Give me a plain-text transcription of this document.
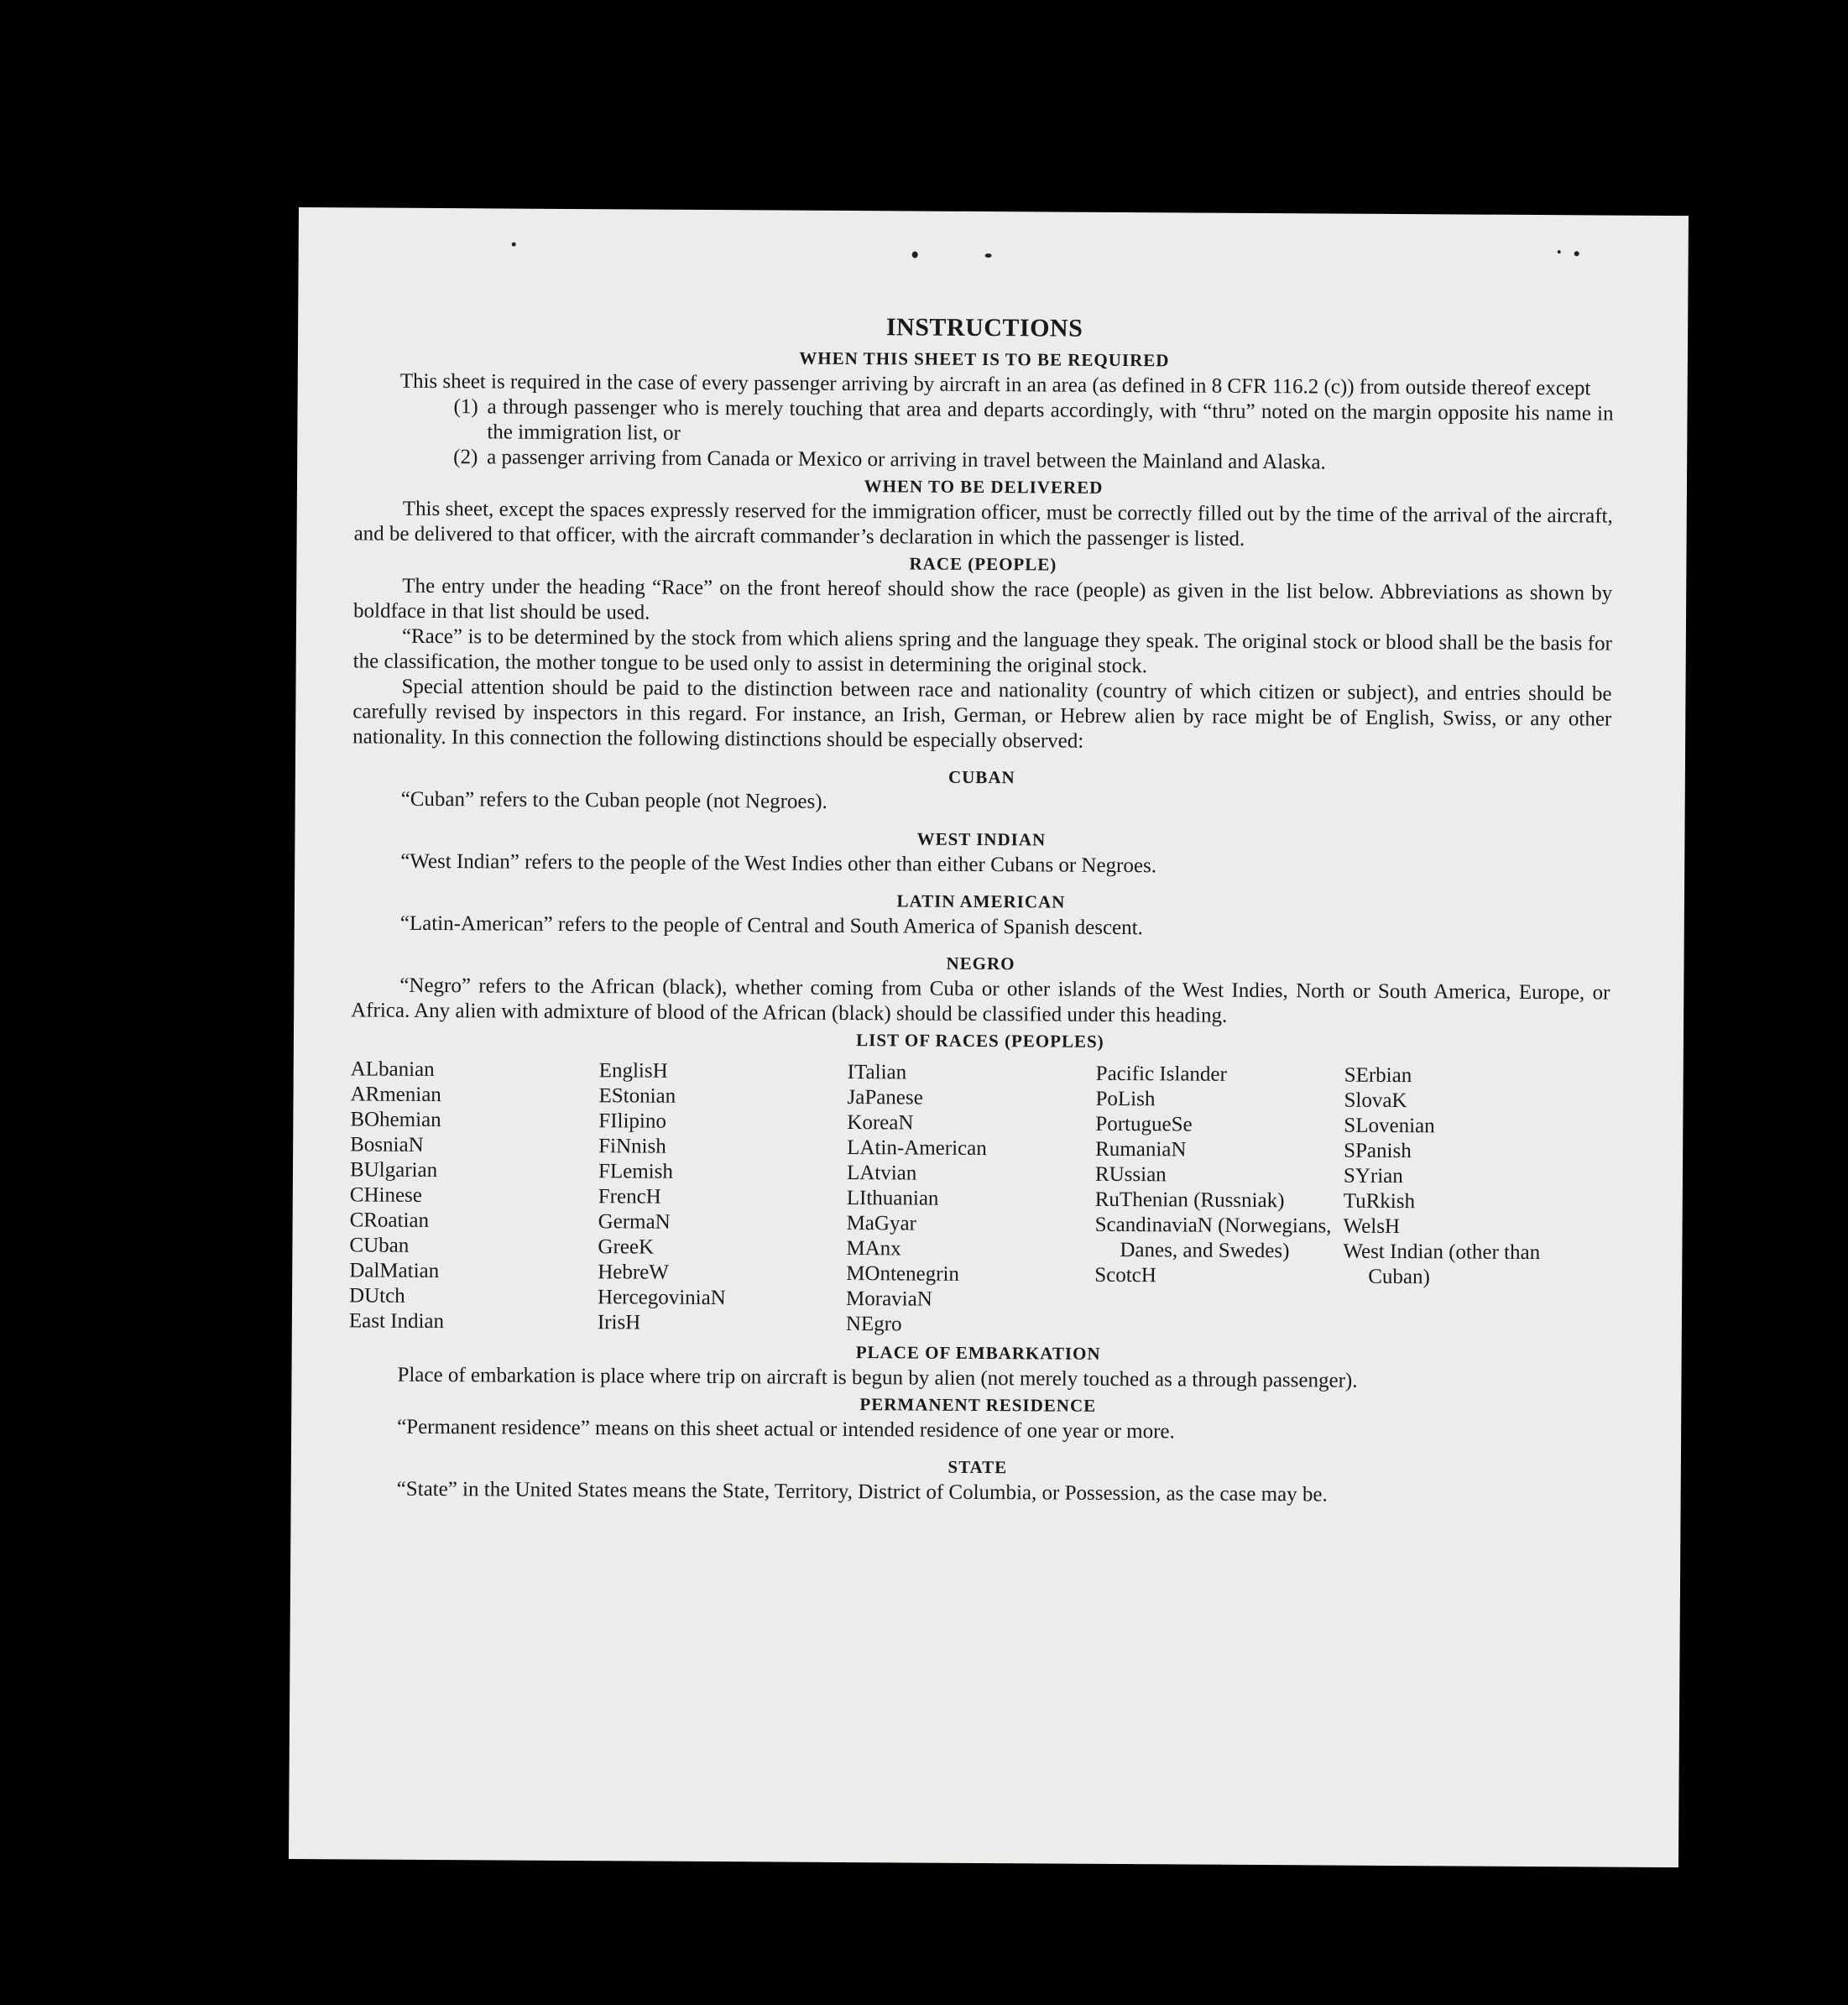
INSTRUCTIONS
WHEN THIS SHEET IS TO BE REQUIRED

This sheet is required in the case of every passenger arriving by aircraft in an area (as defined in 8 CFR 116.2 (c)) from outside thereof except

(1) a through passenger who is merely touching that area and departs accordingly, with “thru” noted on the margin opposite his name in the immigration list, or
(2) a passenger arriving from Canada or Mexico or arriving in travel between the Mainland and Alaska.
WHEN TO BE DELIVERED

This sheet, except the spaces expressly reserved for the immigration officer, must be correctly filled out by the time of the arrival of the aircraft, and be delivered to that officer, with the aircraft commander’s declaration in which the passenger is listed.

RACE (PEOPLE)

The entry under the heading “Race” on the front hereof should show the race (people) as given in the list below. Abbreviations as shown by boldface in that list should be used.

“Race” is to be determined by the stock from which aliens spring and the language they speak. The original stock or blood shall be the basis for the classification, the mother tongue to be used only to assist in determining the original stock.

Special attention should be paid to the distinction between race and nationality (country of which citizen or subject), and entries should be carefully revised by inspectors in this regard. For instance, an Irish, German, or Hebrew alien by race might be of English, Swiss, or any other nationality. In this connection the following distinctions should be especially observed:

CUBAN

“Cuban” refers to the Cuban people (not Negroes).

WEST INDIAN

“West Indian” refers to the people of the West Indies other than either Cubans or Negroes.

LATIN AMERICAN

“Latin-American” refers to the people of Central and South America of Spanish descent.

NEGRO

“Negro” refers to the African (black), whether coming from Cuba or other islands of the West Indies, North or South America, Europe, or Africa. Any alien with admixture of blood of the African (black) should be classified under this heading.

LIST OF RACES (PEOPLES)
ALbanian
ARmenian
BOhemian
BosniaN
BUlgarian
CHinese
CRoatian
CUban
DalMatian
DUtch
East Indian
EnglisH
EStonian
FIlipino
FiNnish
FLemish
FrencH
GermaN
GreeK
HebreW
HercegoviniaN
IrisH
ITalian
JaPanese
KoreaN
LAtin-American
LAtvian
LIthuanian
MaGyar
MAnx
MOntenegrin
MoraviaN
NEgro
Pacific Islander
PoLish
PortugueSe
RumaniaN
RUssian
RuThenian (Russniak)
ScandinaviaN (Norwegians, Danes, and Swedes)
ScotcH
SErbian
SlovaK
SLovenian
SPanish
SYrian
TuRkish
WelsH
West Indian (other than Cuban)
PLACE OF EMBARKATION

Place of embarkation is place where trip on aircraft is begun by alien (not merely touched as a through passenger).

PERMANENT RESIDENCE

“Permanent residence” means on this sheet actual or intended residence of one year or more.

STATE

“State” in the United States means the State, Territory, District of Columbia, or Possession, as the case may be.
